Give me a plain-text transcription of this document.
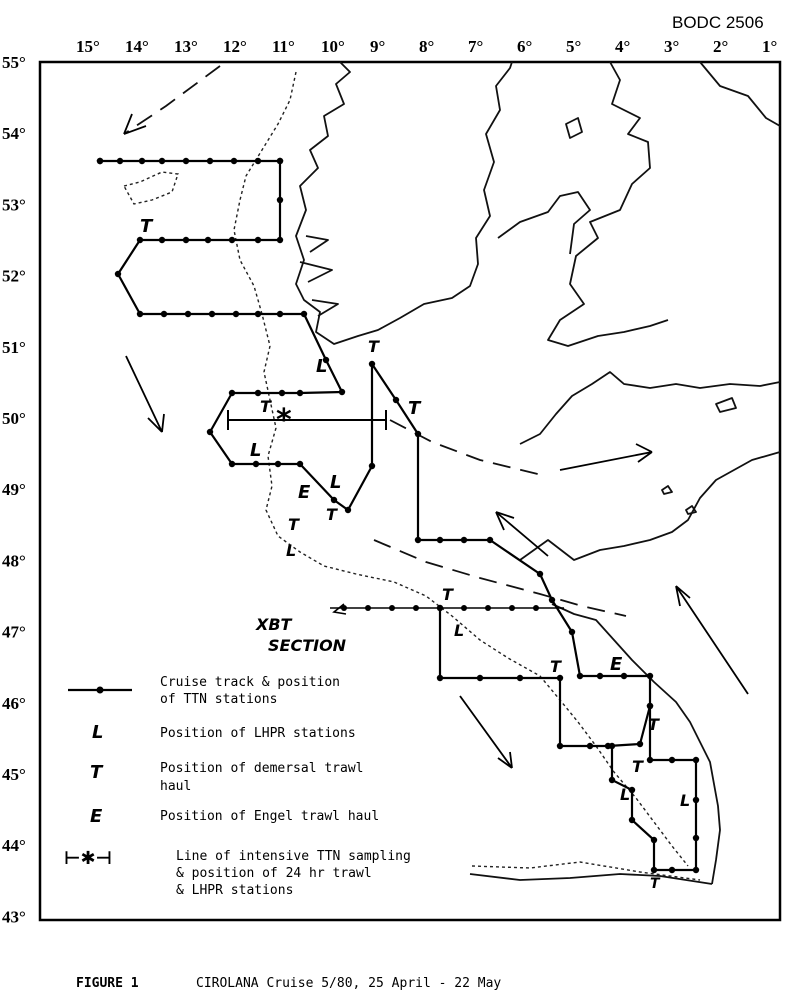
BODC 2506
15° 14° 13° 12° 11° 10° 9° 8° 7° 6° 5° 4° 3° 2° 1°
55°
54°
53°
52°
51°
50°
49°
48°
47°
46°
45°
44°
43°
T
L
T
T
T
L
*
E L
T
T
L
T
L
T	E
T
T
L	L
T
XBT
SECTION
Cruise track & position
of TTN stations
L	Position of LHPR stations
T	Position of demersal trawl
haul
E	Position of Engel trawl haul
⊢✱⊣	Line of intensive TTN sampling
& position of 24 hr trawl
& LHPR stations
FIGURE 1	CIROLANA Cruise 5/80, 25 April - 22 May
